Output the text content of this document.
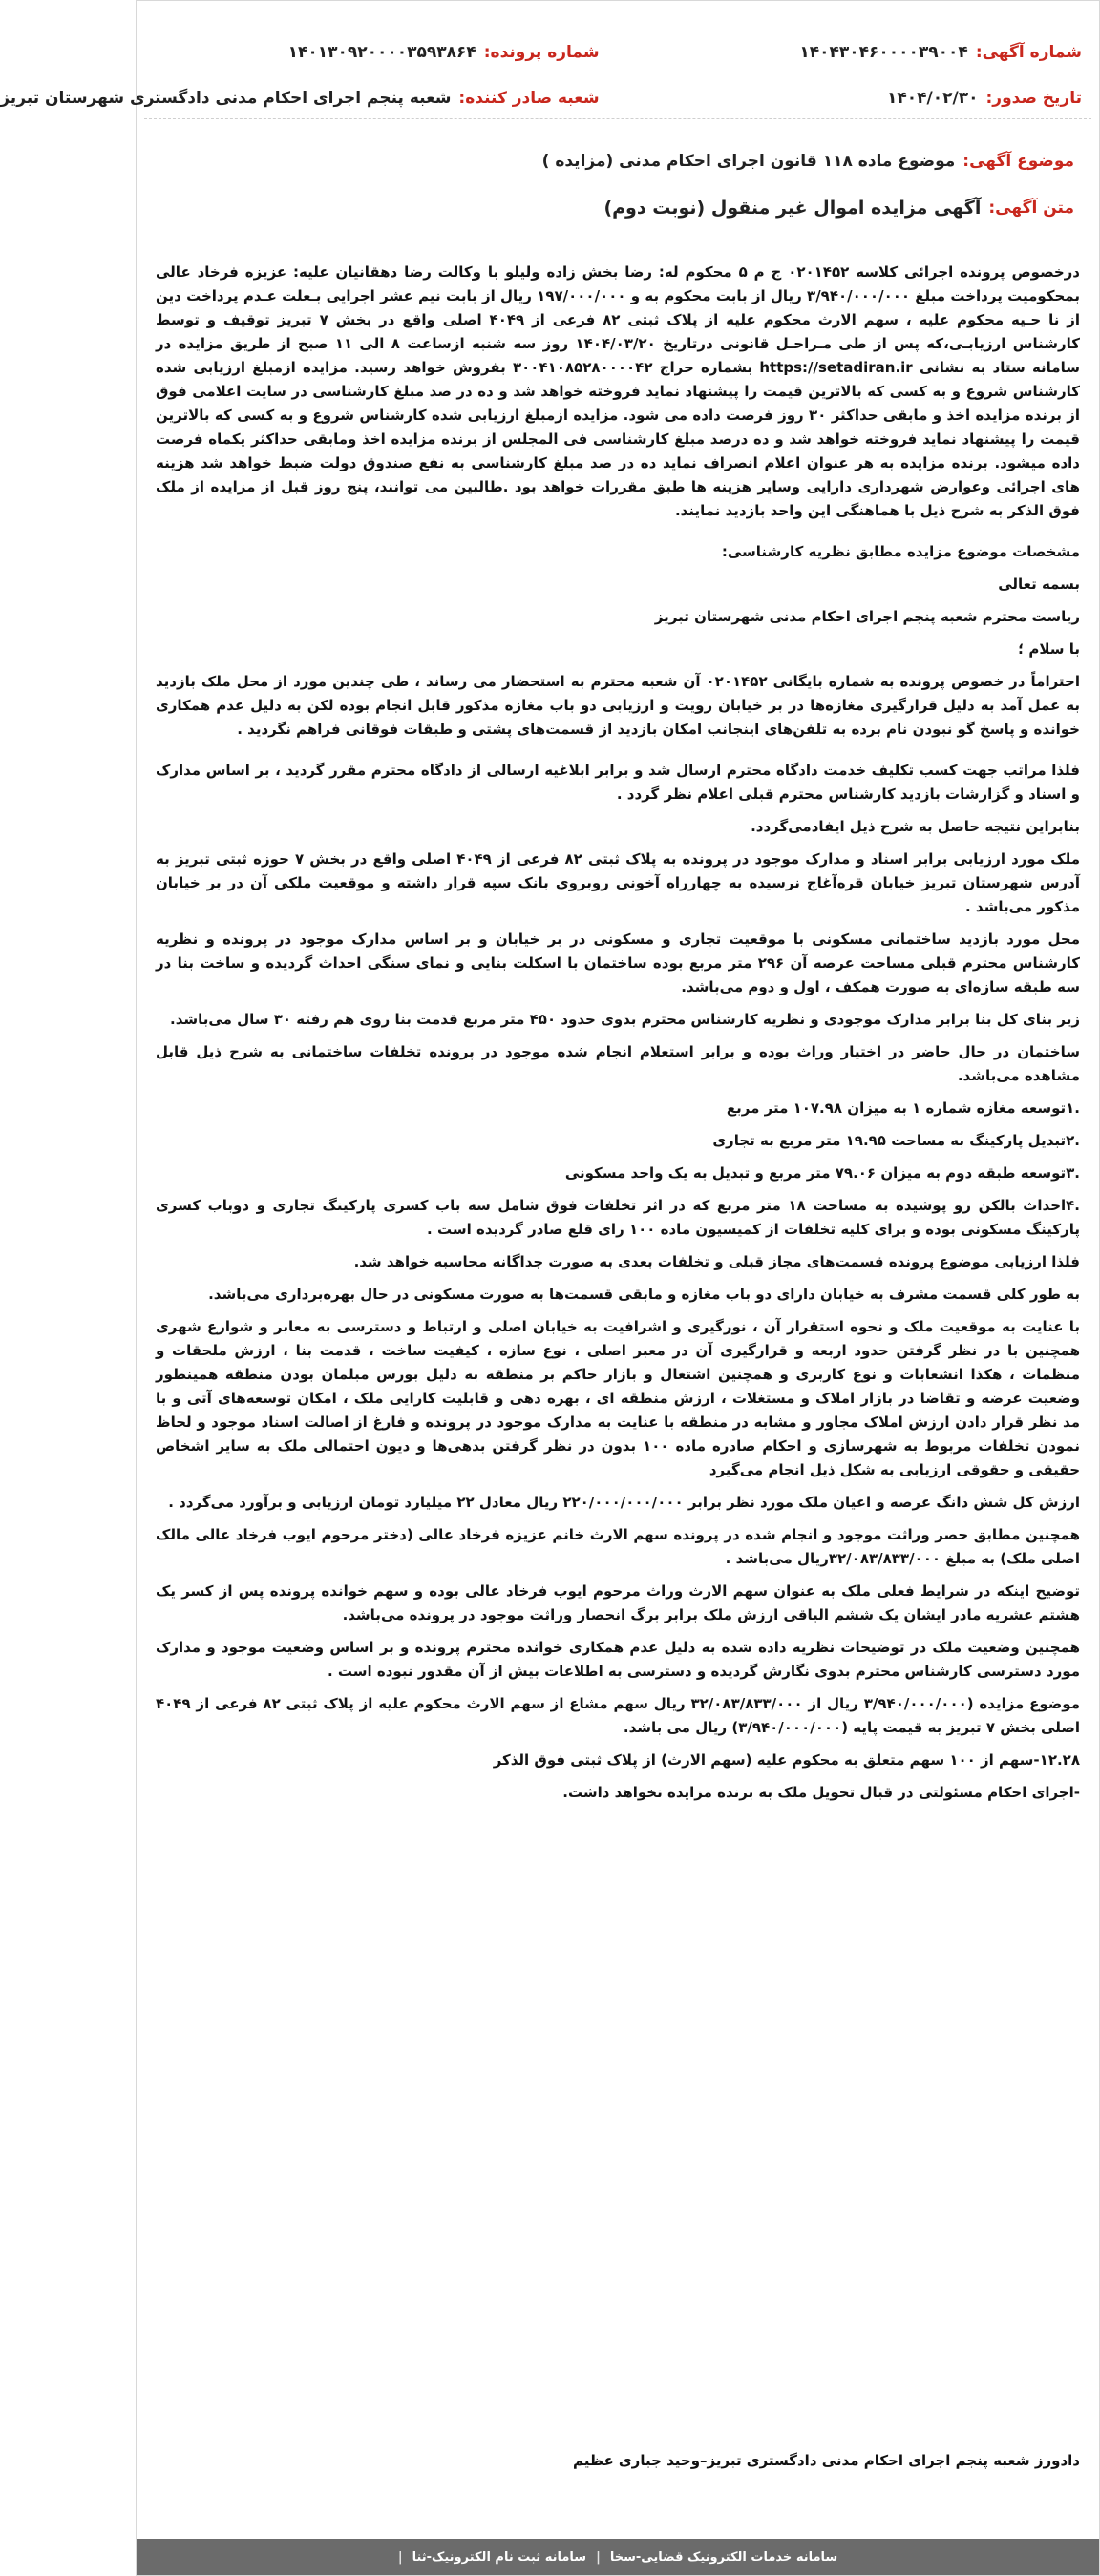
شماره آگهی:
۱۴۰۴۳۰۴۶۰۰۰۰۳۹۰۰۴
شماره پرونده:
۱۴۰۱۳۰۹۲۰۰۰۰۳۵۹۳۸۶۴
تاریخ صدور:
۱۴۰۴/۰۲/۳۰
شعبه صادر کننده:
شعبه پنجم اجرای احکام مدنی دادگستری شهرستان تبریز
موضوع آگهی:
موضوع ماده ۱۱۸ قانون اجرای احکام مدنی (مزایده )
متن آگهی:
آگهی مزایده اموال غیر منقول (نوبت دوم)

درخصوص پرونده اجرائی کلاسه ۰۲۰۱۴۵۲ ج م ۵ محکوم له: رضا بخش زاده ولیلو با وکالت رضا دهقانیان علیه: عزیزه فرخاد عالی بمحکومیت پرداخت مبلغ ۳/۹۴۰/۰۰۰/۰۰۰ ریال از بابت محکوم به و ۱۹۷/۰۰۰/۰۰۰ ریال از بابت نیم عشر اجرایی بـعلت عـدم پرداخت دین از نا حـیه محکوم علیه ، سهم الارث محکوم علیه از پلاک ثبتی ۸۲ فرعی از ۴۰۴۹ اصلی واقع در بخش ۷ تبریز توقیف و توسط کارشناس ارزیابـی،که پس از طی مـراحـل قانونی درتاریخ ۱۴۰۴/۰۳/۲۰ روز سه شنبه ازساعت ۸ الی ۱۱ صبح از طریق مزایده در سامانه ستاد به نشانی https://setadiran.ir بشماره حراج ۳۰۰۴۱۰۸۵۲۸۰۰۰۰۴۲ بفروش خواهد رسید. مزایده ازمبلغ ارزیابی شده کارشناس شروع و به کسی که بالاترین قیمت را پیشنهاد نماید فروخته خواهد شد و ده در صد مبلغ کارشناسی در سایت اعلامی فوق از برنده مزایده اخذ و مابقی حداکثر ۳۰ روز فرصت داده می شود. مزایده ازمبلغ ارزیابی شده کارشناس شروع و به کسی که بالاترین قیمت را پیشنهاد نماید فروخته خواهد شد و ده درصد مبلغ کارشناسی فی المجلس از برنده مزایده اخذ ومابقی حداکثر یکماه فرصت داده میشود. برنده مزایده به هر عنوان اعلام انصراف نماید ده در صد مبلغ کارشناسی به نفع صندوق دولت ضبط خواهد شد هزینه های اجرائی وعوارض شهرداری دارایی وسایر هزینه ها طبق مقررات خواهد بود .طالبین می توانند، پنج روز قبل از مزایده از ملک فوق الذکر به شرح ذیل با هماهنگی این واحد بازدید نمایند.

مشخصات موضوع مزایده مطابق نظریه کارشناسی:

بسمه تعالی

ریاست محترم شعبه پنجم اجرای احکام مدنی شهرستان تبریز

با سلام ؛

احتراماً در خصوص پرونده به شماره بایگانی ۰۲۰۱۴۵۲ آن شعبه محترم به استحضار می رساند ، طی چندین مورد از محل ملک بازدید به عمل آمد به دلیل قرارگیری مغازه‌ها در بر خیابان رویت و ارزیابی دو باب مغازه مذکور قابل انجام بوده لکن به دلیل عدم همکاری خوانده و پاسخ گو نبودن نام برده به تلفن‌های اینجانب امکان بازدید از قسمت‌های پشتی و طبقات فوقانی فراهم نگردید .

فلذا مراتب جهت کسب تکلیف خدمت دادگاه محترم ارسال شد و برابر ابلاغیه ارسالی از دادگاه محترم مقرر گردید ، بر اساس مدارک و اسناد و گزارشات بازدید کارشناس محترم قبلی اعلام نظر گردد .

بنابراین نتیجه حاصل به شرح ذیل ایفادمی‌گردد.

ملک مورد ارزیابی برابر اسناد و مدارک موجود در پرونده به پلاک ثبتی ۸۲ فرعی از ۴۰۴۹ اصلی واقع در بخش ۷ حوزه ثبتی تبریز به آدرس شهرستان تبریز خیابان قره‌آغاج نرسیده به چهارراه آخونی روبروی بانک سپه قرار داشته و موقعیت ملکی آن در بر خیابان مذکور می‌باشد .

محل مورد بازدید ساختمانی مسکونی با موقعیت تجاری و مسکونی در بر خیابان و بر اساس مدارک موجود در پرونده و نظریه کارشناس محترم قبلی مساحت عرصه آن ۲۹۶ متر مربع بوده ساختمان با اسکلت بنایی و نمای سنگی احداث گردیده و ساخت بنا در سه طبقه سازه‌ای به صورت همکف ، اول و دوم می‌باشد.

زیر بنای کل بنا برابر مدارک موجودی و نظریه کارشناس محترم بدوی حدود ۴۵۰ متر مربع قدمت بنا روی هم رفته ۳۰ سال می‌باشد.

ساختمان در حال حاضر در اختیار وراث بوده و برابر استعلام انجام شده موجود در پرونده تخلفات ساختمانی به شرح ذیل قابل مشاهده می‌باشد.

.۱توسعه مغازه شماره ۱ به میزان ۱۰۷.۹۸ متر مربع

.۲تبدیل پارکینگ به مساحت ۱۹.۹۵ متر مربع به تجاری

.۳توسعه طبقه دوم به میزان ۷۹.۰۶ متر مربع و تبدیل به یک واحد مسکونی

.۴احداث بالکن رو پوشیده به مساحت ۱۸ متر مربع که در اثر تخلفات فوق شامل سه باب کسری پارکینگ تجاری و دوباب کسری پارکینگ مسکونی بوده و برای کلیه تخلفات از کمیسیون ماده ۱۰۰ رای قلع صادر گردیده است .

فلذا ارزیابی موضوع پرونده قسمت‌های مجاز قبلی و تخلفات بعدی به صورت جداگانه محاسبه خواهد شد.

به طور کلی قسمت مشرف به خیابان دارای دو باب مغازه و مابقی قسمت‌ها به صورت مسکونی در حال بهره‌برداری می‌باشد.

با عنایت به موقعیت ملک و نحوه استقرار آن ، نورگیری و اشرافیت به خیابان اصلی و ارتباط و دسترسی به معابر و شوارع شهری همچنین با در نظر گرفتن حدود اربعه و قرارگیری آن در معبر اصلی ، نوع سازه ، کیفیت ساخت ، قدمت بنا ، ارزش ملحقات و منظمات ، هکذا انشعابات و نوع کاربری و همچنین اشتغال و بازار حاکم بر منطقه به دلیل بورس مبلمان بودن منطقه همینطور وضعیت عرضه و تقاضا در بازار املاک و مستغلات ، ارزش منطقه ای ، بهره دهی و قابلیت کارایی ملک ، امکان توسعه‌های آتی و با مد نظر قرار دادن ارزش املاک مجاور و مشابه در منطقه با عنایت به مدارک موجود در پرونده و فارغ از اصالت اسناد موجود و لحاظ نمودن تخلفات مربوط به شهرسازی و احکام صادره ماده ۱۰۰ بدون در نظر گرفتن بدهی‌ها و دیون احتمالی ملک به سایر اشخاص حقیقی و حقوقی ارزیابی به شکل ذیل انجام می‌گیرد

ارزش کل شش دانگ عرصه و اعیان ملک مورد نظر برابر ۲۲۰/۰۰۰/۰۰۰/۰۰۰ ریال معادل ۲۲ میلیارد تومان ارزیابی و برآورد می‌گردد .

همچنین مطابق حصر وراثت موجود و انجام شده در پرونده سهم الارث خانم عزیزه فرخاد عالی (دختر مرحوم ایوب فرخاد عالی مالک اصلی ملک) به مبلغ ۳۲/۰۸۳/۸۳۳/۰۰۰ریال می‌باشد .

توضیح اینکه در شرایط فعلی ملک به عنوان سهم الارث وراث مرحوم ایوب فرخاد عالی بوده و سهم خوانده پرونده پس از کسر یک هشتم عشریه مادر ایشان یک ششم الباقی ارزش ملک برابر برگ انحصار وراثت موجود در پرونده می‌باشد.

همچنین وضعیت ملک در توضیحات نظریه داده شده به دلیل عدم همکاری خوانده محترم پرونده و بر اساس وضعیت موجود و مدارک مورد دسترسی کارشناس محترم بدوی نگارش گردیده و دسترسی به اطلاعات بیش از آن مقدور نبوده است .

موضوع مزایده (۳/۹۴۰/۰۰۰/۰۰۰ ریال از ۳۲/۰۸۳/۸۳۳/۰۰۰ ریال سهم مشاع از سهم الارث محکوم علیه از پلاک ثبتی ۸۲ فرعی از ۴۰۴۹ اصلی بخش ۷ تبریز به قیمت پایه (۳/۹۴۰/۰۰۰/۰۰۰) ریال می باشد.

۱۲.۲۸-سهم از ۱۰۰ سهم متعلق به محکوم علیه (سهم الارث) از پلاک ثبتی فوق الذکر

-اجرای احکام مسئولتی در قبال تحویل ملک به برنده مزایده نخواهد داشت.

دادورز شعبه پنجم اجرای احکام مدنی دادگستری تبریز–وحید جباری عظیم
سامانه خدمات الکترونیک قضایی-سخا
|
سامانه ثبت نام الکترونیک-ثنا
|
